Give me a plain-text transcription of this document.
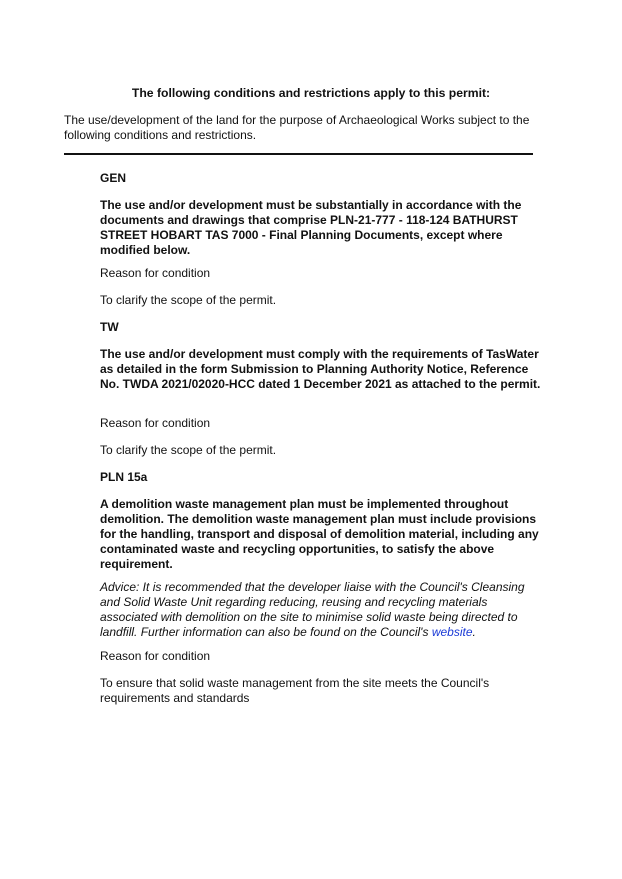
The following conditions and restrictions apply to this permit:
The use/development of the land for the purpose of Archaeological Works subject to the following conditions and restrictions.
GEN
The use and/or development must be substantially in accordance with the documents and drawings that comprise PLN-21-777 - 118-124 BATHURST STREET HOBART TAS 7000 - Final Planning Documents, except where modified below.
Reason for condition
To clarify the scope of the permit.
TW
The use and/or development must comply with the requirements of TasWater as detailed in the form Submission to Planning Authority Notice, Reference No. TWDA 2021/02020-HCC dated 1 December 2021 as attached to the permit.
Reason for condition
To clarify the scope of the permit.
PLN 15a
A demolition waste management plan must be implemented throughout demolition. The demolition waste management plan must include provisions for the handling, transport and disposal of demolition material, including any contaminated waste and recycling opportunities, to satisfy the above requirement.
Advice: It is recommended that the developer liaise with the Council's Cleansing and Solid Waste Unit regarding reducing, reusing and recycling materials associated with demolition on the site to minimise solid waste being directed to landfill. Further information can also be found on the Council's website.
Reason for condition
To ensure that solid waste management from the site meets the Council's requirements and standards
